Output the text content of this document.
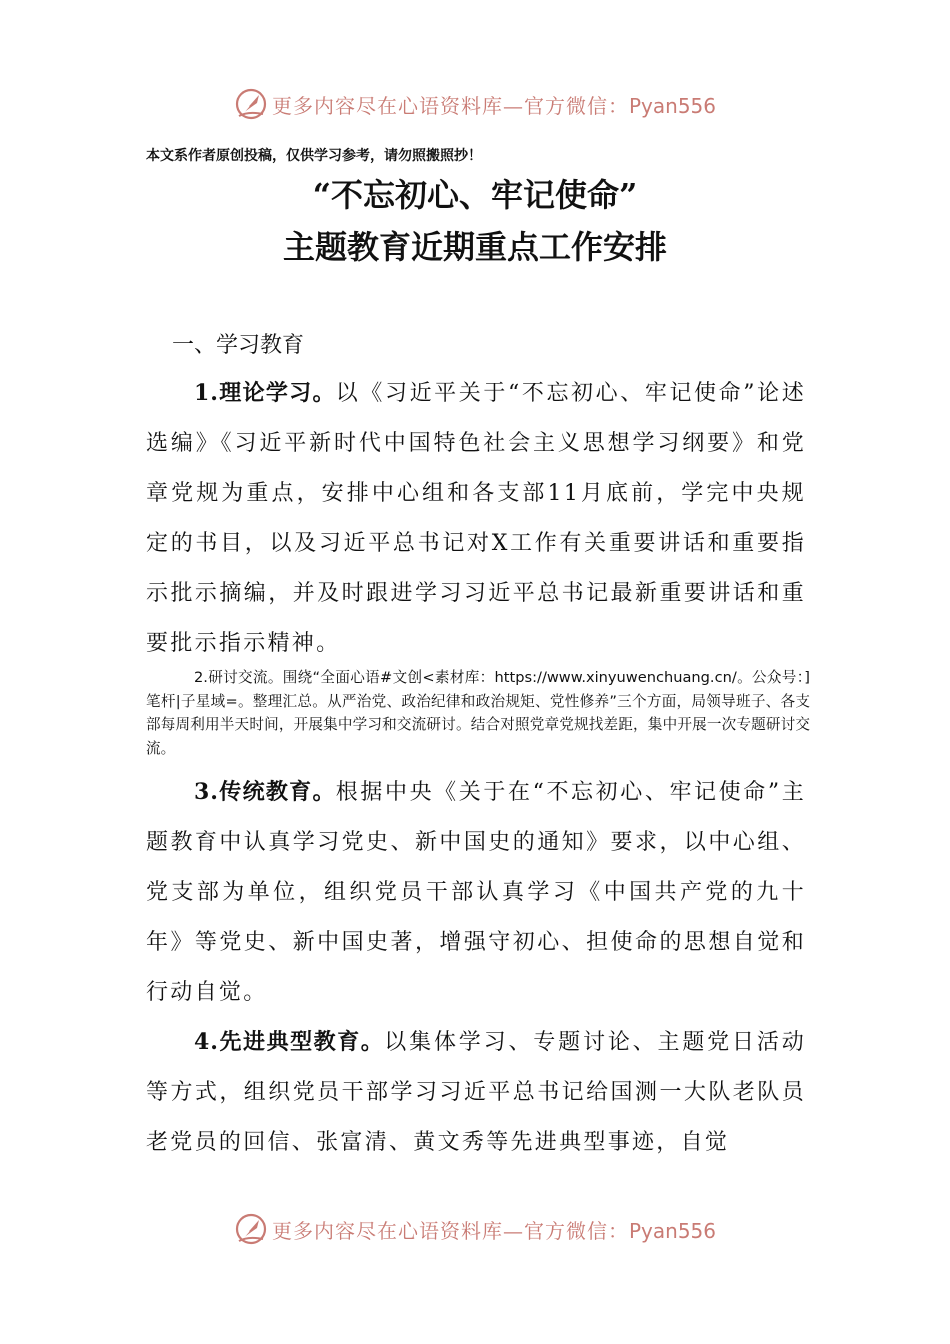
更多内容尽在心语资料库—官方微信：Pyan556
本文系作者原创投稿，仅供学习参考，请勿照搬照抄！
“不忘初心、牢记使命”
主题教育近期重点工作安排
一、学习教育

1.理论学习。以《习近平关于“不忘初心、牢记使命”论述选编》《习近平新时代中国特色社会主义思想学习纲要》和党章党规为重点，安排中心组和各支部11月底前，学完中央规定的书目，以及习近平总书记对X工作有关重要讲话和重要指示批示摘编，并及时跟进学习习近平总书记最新重要讲话和重要批示指示精神。

2.研讨交流。围绕“全面心语#文创<素材库：https://www.xinyuwenchuang.cn/。公众号：]笔杆|子星域=。整理汇总。从严治党、政治纪律和政治规矩、党性修养”三个方面，局领导班子、各支部每周利用半天时间，开展集中学习和交流研讨。结合对照党章党规找差距，集中开展一次专题研讨交流。

3.传统教育。根据中央《关于在“不忘初心、牢记使命”主题教育中认真学习党史、新中国史的通知》要求，以中心组、党支部为单位，组织党员干部认真学习《中国共产党的九十年》等党史、新中国史著，增强守初心、担使命的思想自觉和行动自觉。

4.先进典型教育。以集体学习、专题讨论、主题党日活动等方式，组织党员干部学习习近平总书记给国测一大队老队员老党员的回信、张富清、黄文秀等先进典型事迹，自觉

更多内容尽在心语资料库—官方微信：Pyan556
